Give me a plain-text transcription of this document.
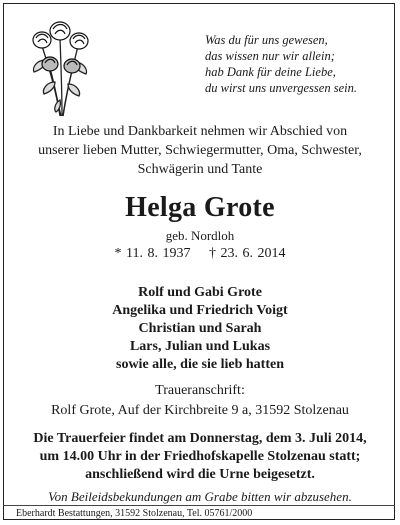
Was du für uns gewesen,
das wissen nur wir allein;
hab Dank für deine Liebe,
du wirst uns unvergessen sein.
In Liebe und Dankbarkeit nehmen wir Abschied von
unserer lieben Mutter, Schwiegermutter, Oma, Schwester,
Schwägerin und Tante
Helga Grote
geb. Nordloh
* 11. 8. 1937 † 23. 6. 2014
Rolf und Gabi Grote
Angelika und Friedrich Voigt
Christian und Sarah
Lars, Julian und Lukas
sowie alle, die sie lieb hatten
Traueranschrift:
Rolf Grote, Auf der Kirchbreite 9 a, 31592 Stolzenau
Die Trauerfeier findet am Donnerstag, dem 3. Juli 2014,
um 14.00 Uhr in der Friedhofskapelle Stolzenau statt;
anschließend wird die Urne beigesetzt.
Von Beileidsbekundungen am Grabe bitten wir abzusehen.
Eberhardt Bestattungen, 31592 Stolzenau, Tel. 05761/2000
